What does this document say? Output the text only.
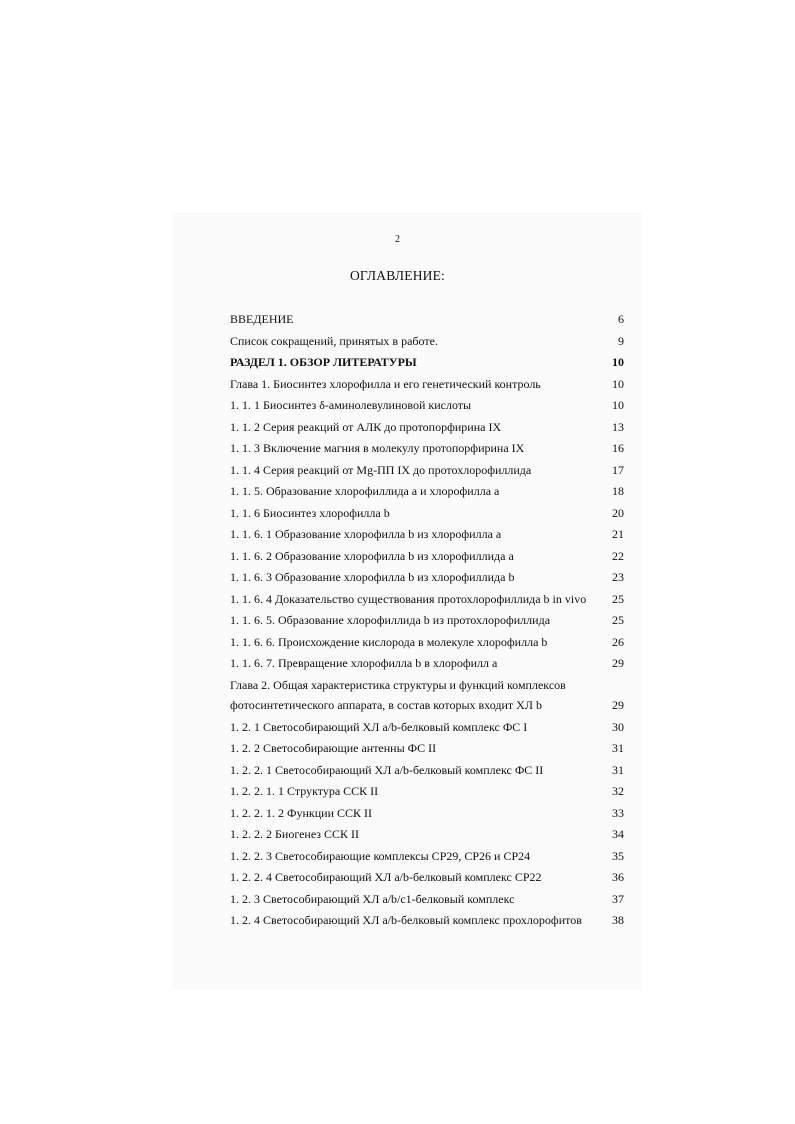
2
ОГЛАВЛЕНИЕ:
ВВЕДЕНИЕ	6
Список сокращений, принятых в работе.	9
РАЗДЕЛ 1. ОБЗОР ЛИТЕРАТУРЫ	10
Глава 1. Биосинтез хлорофилла и его генетический контроль	10
1. 1. 1 Биосинтез δ-аминолевулиновой кислоты	10
1. 1. 2 Серия реакций от АЛК до протопорфирина IX	13
1. 1. 3 Включение магния в молекулу протопорфирина IX	16
1. 1. 4 Серия реакций от Mg-ПП IX до протохлорофиллида	17
1. 1. 5. Образование хлорофиллида a и хлорофилла a	18
1. 1. 6 Биосинтез хлорофилла b	20
1. 1. 6. 1 Образование хлорофилла b из хлорофилла a	21
1. 1. 6. 2 Образование хлорофилла b из хлорофиллида a	22
1. 1. 6. 3 Образование хлорофилла b из хлорофиллида b	23
1. 1. 6. 4 Доказательство существования протохлорофиллида b in vivo 25
1. 1. 6. 5. Образование хлорофиллида b из протохлорофиллида	25
1. 1. 6. 6. Происхождение кислорода в молекуле хлорофилла b	26
1. 1. 6. 7. Превращение хлорофилла b в хлорофилл a	29
Глава 2. Общая характеристика структуры и функций комплексов
фотосинтетического аппарата, в состав которых входит ХЛ b	29
1. 2. 1 Светособирающий ХЛ a/b-белковый комплекс ФС I	30
1. 2. 2 Светособирающие антенны ФС II	31
1. 2. 2. 1 Светособирающий ХЛ a/b-белковый комплекс ФС II	31
1. 2. 2. 1. 1 Структура ССК II	32
1. 2. 2. 1. 2 Функции ССК II	33
1. 2. 2. 2 Биогенез ССК II	34
1. 2. 2. 3 Светособирающие комплексы СР29, СР26 и СР24	35
1. 2. 2. 4 Светособирающий ХЛ a/b-белковый комплекс СР22	36
1. 2. 3 Светособирающий ХЛ a/b/c1-белковый комплекс	37
1. 2. 4 Светособирающий ХЛ a/b-белковый комплекс прохлорофитов	38
